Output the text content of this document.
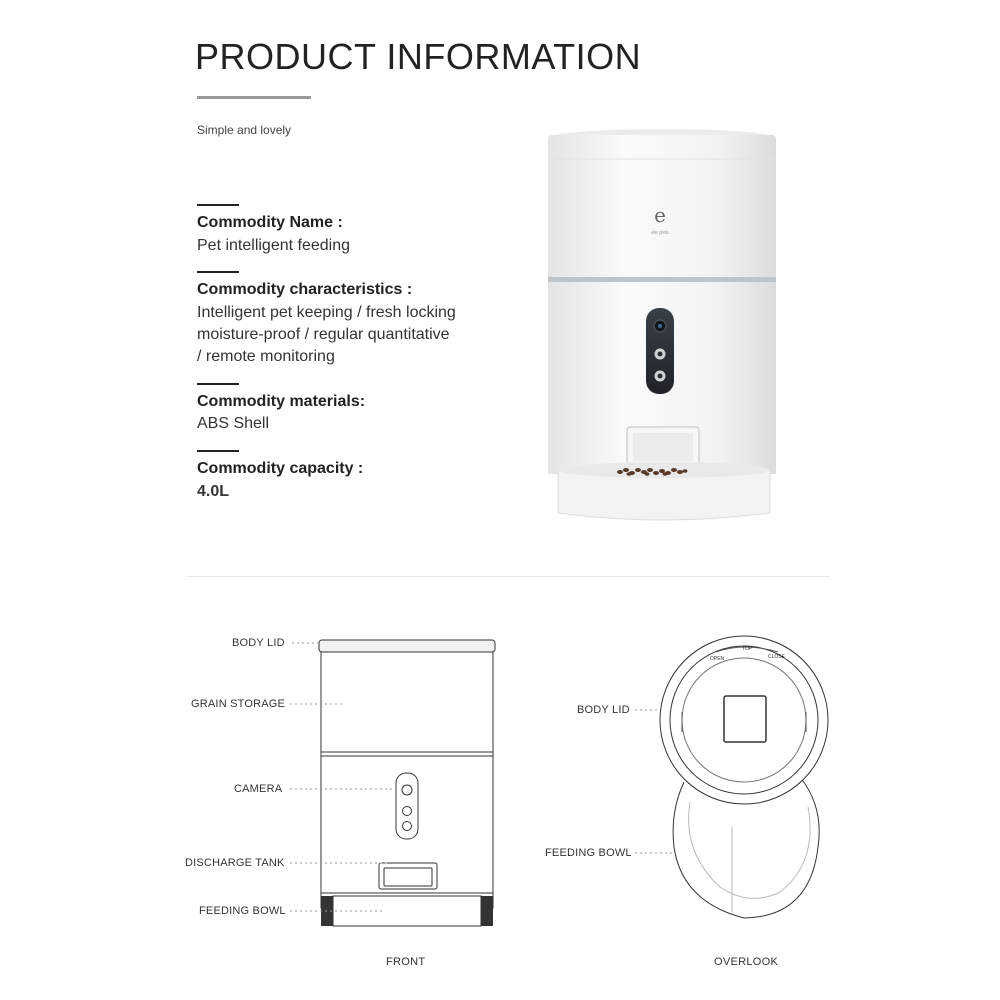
PRODUCT INFORMATION
Simple and lovely
Commodity Name :
Pet intelligent feeding
Commodity characteristics :
Intelligent pet keeping / fresh locking
moisture-proof / regular quantitative
/ remote monitoring
Commodity materials:
ABS Shell
Commodity capacity :
4.0L
e
ele pets
BODY LID
GRAIN STORAGE
CAMERA
DISCHARGE TANK
FEEDING BOWL
FRONT
OPEN
TOP
CLOSE
BODY LID
FEEDING BOWL
OVERLOOK
